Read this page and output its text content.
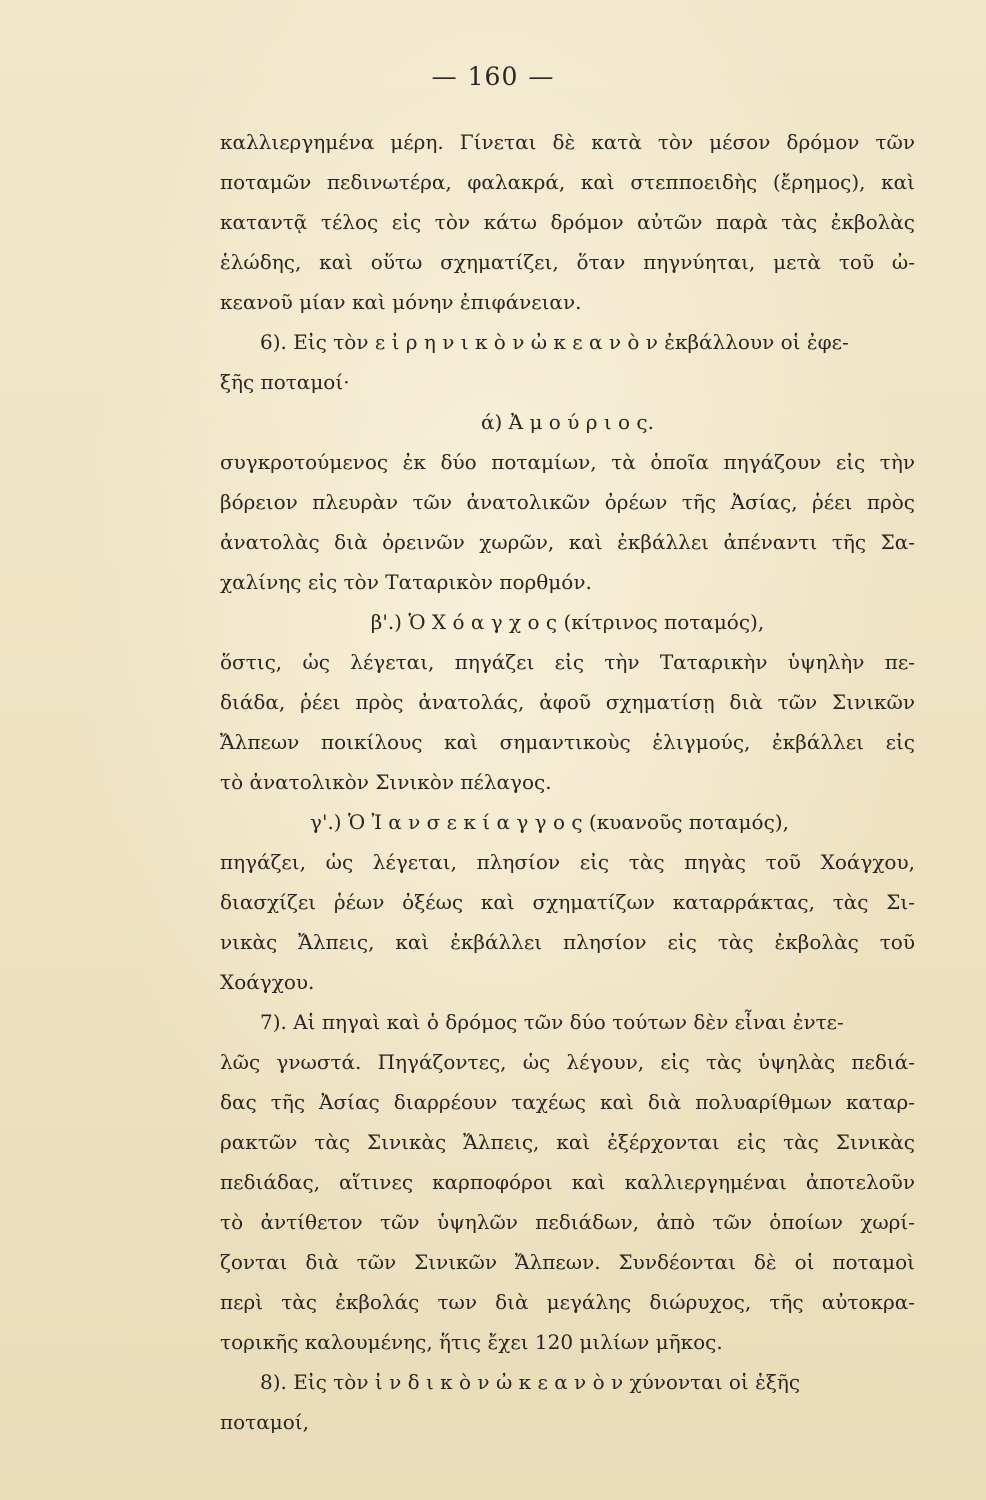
— 160 —
καλλιεργημένα μέρη. Γίνεται δὲ κατὰ τὸν μέσον δρόμον τῶν
ποταμῶν πεδινωτέρα, φαλακρά, καὶ στεπποειδὴς (ἔρημος), καὶ
καταντᾷ τέλος εἰς τὸν κάτω δρόμον αὐτῶν παρὰ τὰς ἐκβολὰς
ἑλώδης, καὶ οὕτω σχηματίζει, ὅταν πηγνύηται, μετὰ τοῦ ὠ-
κεανοῦ μίαν καὶ μόνην ἐπιφάνειαν.
6). Εἰς τὸν ε ἰ ρ η ν ι κ ὸ ν ὠ κ ε α ν ὸ ν ἐκβάλλουν οἱ ἐφε-
ξῆς ποταμοί·
ά) Ἀ μ ο ύ ρ ι ο ς.
συγκροτούμενος ἐκ δύο ποταμίων, τὰ ὁποῖα πηγάζουν εἰς τὴν
βόρειον πλευρὰν τῶν ἀνατολικῶν ὀρέων τῆς Ἀσίας, ῥέει πρὸς
ἀνατολὰς διὰ ὀρεινῶν χωρῶν, καὶ ἐκβάλλει ἀπέναντι τῆς Σα-
χαλίνης εἰς τὸν Ταταρικὸν πορθμόν.
β'.) Ὁ Χ ό α γ χ ο ς (κίτρινος ποταμός),
ὅστις, ὡς λέγεται, πηγάζει εἰς τὴν Ταταρικὴν ὑψηλὴν πε-
διάδα, ῥέει πρὸς ἀνατολάς, ἀφοῦ σχηματίσῃ διὰ τῶν Σινικῶν
Ἄλπεων ποικίλους καὶ σημαντικοὺς ἑλιγμούς, ἐκβάλλει εἰς
τὸ ἀνατολικὸν Σινικὸν πέλαγος.
γ'.) Ὁ Ἰ α ν σ ε κ ί α γ γ ο ς (κυανοῦς ποταμός),
πηγάζει, ὡς λέγεται, πλησίον εἰς τὰς πηγὰς τοῦ Χοάγχου,
διασχίζει ῥέων ὀξέως καὶ σχηματίζων καταρράκτας, τὰς Σι-
νικὰς Ἄλπεις, καὶ ἐκβάλλει πλησίον εἰς τὰς ἐκβολὰς τοῦ
Χοάγχου.
7). Αἱ πηγαὶ καὶ ὁ δρόμος τῶν δύο τούτων δὲν εἶναι ἐντε-
λῶς γνωστά. Πηγάζοντες, ὡς λέγουν, εἰς τὰς ὑψηλὰς πεδιά-
δας τῆς Ἀσίας διαρρέουν ταχέως καὶ διὰ πολυαρίθμων καταρ-
ρακτῶν τὰς Σινικὰς Ἄλπεις, καὶ ἐξέρχονται εἰς τὰς Σινικὰς
πεδιάδας, αἵτινες καρποφόροι καὶ καλλιεργημέναι ἀποτελοῦν
τὸ ἀντίθετον τῶν ὑψηλῶν πεδιάδων, ἀπὸ τῶν ὁποίων χωρί-
ζονται διὰ τῶν Σινικῶν Ἄλπεων. Συνδέονται δὲ οἱ ποταμοὶ
περὶ τὰς ἐκβολάς των διὰ μεγάλης διώρυχος, τῆς αὐτοκρα-
τορικῆς καλουμένης, ἥτις ἔχει 120 μιλίων μῆκος.
8). Εἰς τὸν ἰ ν δ ι κ ὸ ν ὠ κ ε α ν ὸ ν χύνονται οἱ ἑξῆς
ποταμοί,
